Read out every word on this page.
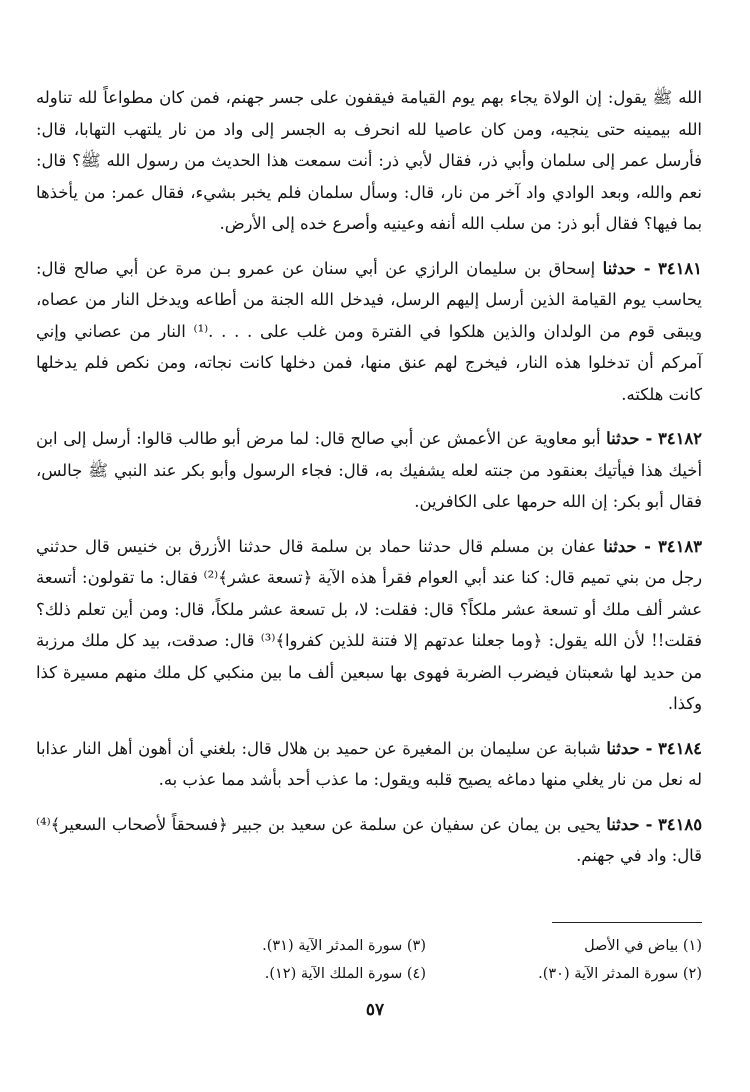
الله ﷺ يقول: إن الولاة يجاء بهم يوم القيامة فيقفون على جسر جهنم، فمن كان مطواعاً لله تناوله الله بيمينه حتى ينجيه، ومن كان عاصيا لله انحرف به الجسر إلى واد من نار يلتهب التهابا، قال: فأرسل عمر إلى سلمان وأبي ذر، فقال لأبي ذر: أنت سمعت هذا الحديث من رسول الله ﷺ؟ قال: نعم والله، وبعد الوادي واد آخر من نار، قال: وسأل سلمان فلم يخبر بشيء، فقال عمر: من يأخذها بما فيها؟ فقال أبو ذر: من سلب الله أنفه وعينيه وأصرع خده إلى الأرض.

٣٤١٨١ - حدثنا إسحاق بن سليمان الرازي عن أبي سنان عن عمرو بـن مرة عن أبي صالح قال: يحاسب يوم القيامة الذين أرسل إليهم الرسل، فيدخل الله الجنة من أطاعه ويدخل النار من عصاه، ويبقى قوم من الولدان والذين هلكوا في الفترة ومن غلب على . . . .⁽¹⁾ النار من عصاني وإني آمركم أن تدخلوا هذه النار، فيخرج لهم عنق منها، فمن دخلها كانت نجاته، ومن نكص فلم يدخلها كانت هلكته.

٣٤١٨٢ - حدثنا أبو معاوية عن الأعمش عن أبي صالح قال: لما مرض أبو طالب قالوا: أرسل إلى ابن أخيك هذا فيأتيك بعنقود من جنته لعله يشفيك به، قال: فجاء الرسول وأبو بكر عند النبي ﷺ جالس، فقال أبو بكر: إن الله حرمها على الكافرين.

٣٤١٨٣ - حدثنا عفان بن مسلم قال حدثنا حماد بن سلمة قال حدثنا الأزرق بن خنيس قال حدثني رجل من بني تميم قال: كنا عند أبي العوام فقرأ هذه الآية ﴿تسعة عشر﴾⁽²⁾ فقال: ما تقولون: أتسعة عشر ألف ملك أو تسعة عشر ملكاً؟ قال: فقلت: لا، بل تسعة عشر ملكاً، قال: ومن أين تعلم ذلك؟ فقلت!! لأن الله يقول: ﴿وما جعلنا عدتهم إلا فتنة للذين كفروا﴾⁽³⁾ قال: صدقت، بيد كل ملك مرزبة من حديد لها شعبتان فيضرب الضربة فهوى بها سبعين ألف ما بين منكبي كل ملك منهم مسيرة كذا وكذا.

٣٤١٨٤ - حدثنا شبابة عن سليمان بن المغيرة عن حميد بن هلال قال: بلغني أن أهون أهل النار عذابا له نعل من نار يغلي منها دماغه يصيح قلبه ويقول: ما عذب أحد بأشد مما عذب به.

٣٤١٨٥ - حدثنا يحيى بن يمان عن سفيان عن سلمة عن سعيد بن جبير ﴿فسحقاً لأصحاب السعير﴾⁽⁴⁾ قال: واد في جهنم.

(١) بياض في الأصل
(٣) سورة المدثر الآية (٣١).
(٢) سورة المدثر الآية (٣٠).
(٤) سورة الملك الآية (١٢).
٥٧
